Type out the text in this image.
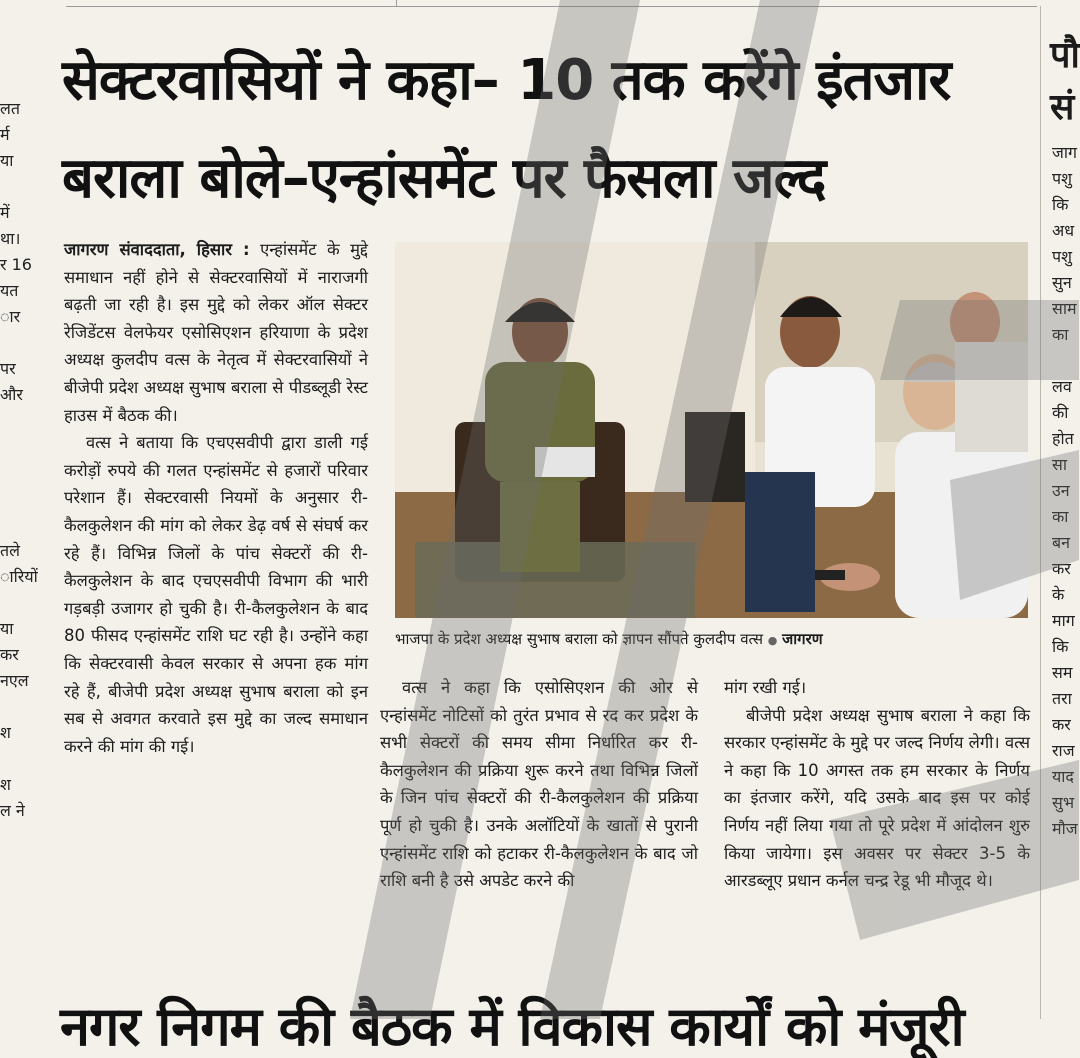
लत
र्म
या
में
था।
र 16
यत
ार
पर
और
तले
ारियों
या
कर
नएल
श
श
ल ने
पौ
सं
जाग
पशु
कि
अध
पशु
सुन
साम
का
लव
की
होत
सा
उन
का
बन
कर
के
माग
कि
सम
तरा
कर
राज
याद
सुभ
मौज
सेक्टरवासियों ने कहा– 10 तक करेंगे इंतजार
बराला बोले–एन्हांसमेंट पर फैसला जल्द

जागरण संवाददाता, हिसार : एन्हांसमेंट के मुद्दे समाधान नहीं होने से सेक्टरवासियों में नाराजगी बढ़ती जा रही है। इस मुद्दे को लेकर ऑल सेक्टर रेजिडेंटस वेलफेयर एसोसिएशन हरियाणा के प्रदेश अध्यक्ष कुलदीप वत्स के नेतृत्व में सेक्टरवासियों ने बीजेपी प्रदेश अध्यक्ष सुभाष बराला से पीडब्लूडी रेस्ट हाउस में बैठक की।

वत्स ने बताया कि एचएसवीपी द्वारा डाली गई करोड़ों रुपये की गलत एन्हांसमेंट से हजारों परिवार परेशान हैं। सेक्टरवासी नियमों के अनुसार री-कैलकुलेशन की मांग को लेकर डेढ़ वर्ष से संघर्ष कर रहे हैं। विभिन्न जिलों के पांच सेक्टरों की री-कैलकुलेशन के बाद एचएसवीपी विभाग की भारी गड़बड़ी उजागर हो चुकी है। री-कैलकुलेशन के बाद 80 फीसद एन्हांसमेंट राशि घट रही है। उन्होंने कहा कि सेक्टरवासी केवल सरकार से अपना हक मांग रहे हैं, बीजेपी प्रदेश अध्यक्ष सुभाष बराला को इन सब से अवगत करवाते इस मुद्दे का जल्द समाधान करने की मांग की गई।

भाजपा के प्रदेश अध्यक्ष सुभाष बराला को ज्ञापन सौंपते कुलदीप वत्स ● जागरण

वत्स ने कहा कि एसोसिएशन की ओर से एन्हांसमेंट नोटिसों को तुरंत प्रभाव से रद कर प्रदेश के सभी सेक्टरों की समय सीमा निर्धारित कर री-कैलकुलेशन की प्रक्रिया शुरू करने तथा विभिन्न जिलों के जिन पांच सेक्टरों की री-कैलकुलेशन की प्रक्रिया पूर्ण हो चुकी है। उनके अलॉटियों के खातों से पुरानी एन्हांसमेंट राशि को हटाकर री-कैलकुलेशन के बाद जो राशि बनी है उसे अपडेट करने की

मांग रखी गई।

बीजेपी प्रदेश अध्यक्ष सुभाष बराला ने कहा कि सरकार एन्हांसमेंट के मुद्दे पर जल्द निर्णय लेगी। वत्स ने कहा कि 10 अगस्त तक हम सरकार के निर्णय का इंतजार करेंगे, यदि उसके बाद इस पर कोई निर्णय नहीं लिया गया तो पूरे प्रदेश में आंदोलन शुरु किया जायेगा। इस अवसर पर सेक्टर 3-5 के आरडब्लूए प्रधान कर्नल चन्द्र रेडू भी मौजूद थे।

नगर निगम की बैठक में विकास कार्यों को मंजूरी
